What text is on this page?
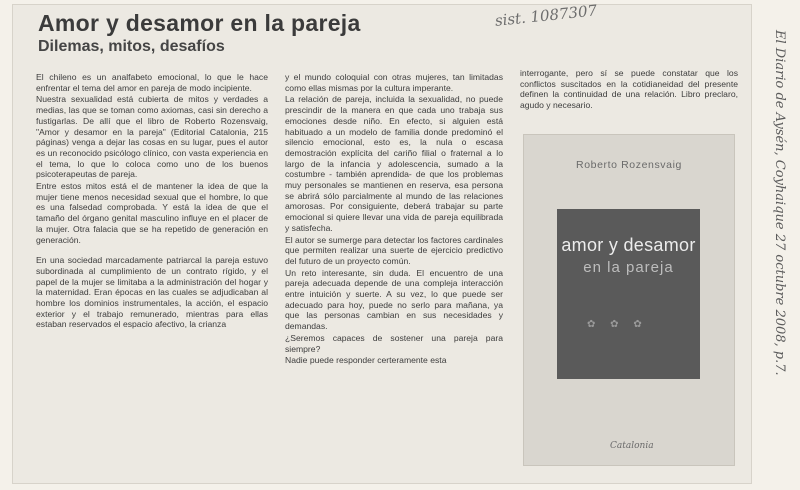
Amor y desamor en la pareja
Dilemas, mitos, desafíos

sist. 1087307

El chileno es un analfabeto emocional, lo que le hace enfrentar el tema del amor en pareja de modo incipiente.

Nuestra sexualidad está cubierta de mitos y verdades a medias, las que se toman como axiomas, casi sin derecho a fustigarlas. De allí que el libro de Roberto Rozensvaig, "Amor y desamor en la pareja" (Editorial Catalonia, 215 páginas) venga a dejar las cosas en su lugar, pues el autor es un reconocido psicólogo clínico, con vasta experiencia en el tema, lo que lo coloca como uno de los buenos psicoterapeutas de pareja.

Entre estos mitos está el de mantener la idea de que la mujer tiene menos necesidad sexual que el hombre, lo que es una falsedad comprobada. Y está la idea de que el tamaño del órgano genital masculino influye en el placer de la mujer. Otra falacia que se ha repetido de generación en generación.

En una sociedad marcadamente patriarcal la pareja estuvo subordinada al cumplimiento de un contrato rígido, y el papel de la mujer se limitaba a la administración del hogar y la maternidad. Eran épocas en las cuales se adjudicaban al hombre los dominios instrumentales, la acción, el espacio exterior y el trabajo remunerado, mientras para ellas estaban reservados el espacio afectivo, la crianza

y el mundo coloquial con otras mujeres, tan limitadas como ellas mismas por la cultura imperante.

La relación de pareja, incluida la sexualidad, no puede prescindir de la manera en que cada uno trabaja sus emociones desde niño. En efecto, si alguien está habituado a un modelo de familia donde predominó el silencio emocional, esto es, la nula o escasa demostración explícita del cariño filial o fraternal a lo largo de la infancia y adolescencia, sumado a la costumbre - también aprendida- de que los problemas muy personales se mantienen en reserva, esa persona se abrirá sólo parcialmente al mundo de las relaciones amorosas. Por consiguiente, deberá trabajar su parte emocional si quiere llevar una vida de pareja equilibrada y satisfecha.

El autor se sumerge para detectar los factores cardinales que permiten realizar una suerte de ejercicio predictivo del futuro de un proyecto común.

Un reto interesante, sin duda. El encuentro de una pareja adecuada depende de una compleja interacción entre intuición y suerte. A su vez, lo que puede ser adecuado para hoy, puede no serlo para mañana, ya que las personas cambian en sus necesidades y demandas.

¿Seremos capaces de sostener una pareja para siempre?

Nadie puede responder certeramente esta

interrogante, pero sí se puede constatar que los conflictos suscitados en la cotidianeidad del presente definen la continuidad de una relación. Libro preclaro, agudo y necesario.

Roberto Rozensvaig
amor y desamor
en la pareja
✿ ✿ ✿
Catalonia

El Diario de Aysén, Coyhaique 27 octubre 2008, p.7.
